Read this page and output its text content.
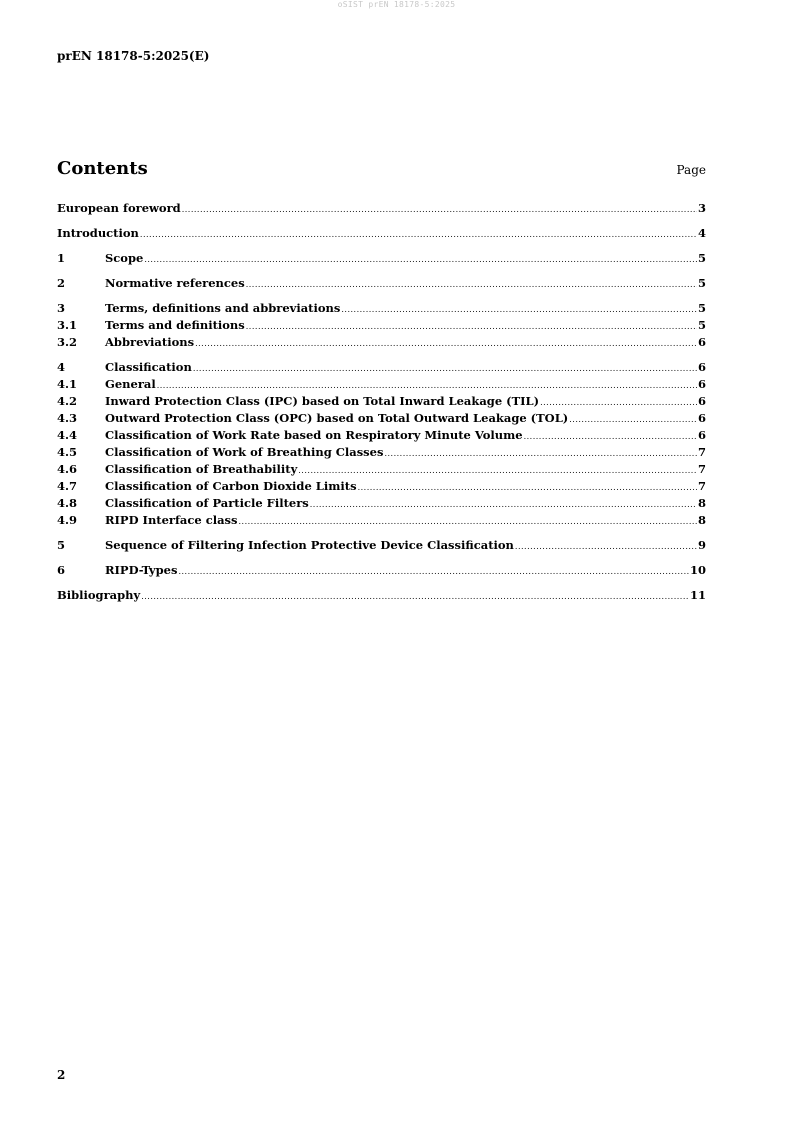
oSIST prEN 18178-5:2025
prEN 18178-5:2025(E)
Contents	Page
European foreword .....	3
Introduction .....	4
1	Scope .....	5
2	Normative references .....	5
3	Terms, definitions and abbreviations .....	5
3.1	Terms and definitions .....	5
3.2	Abbreviations .....	6
4	Classification .....	6
4.1	General .....	6
4.2	Inward Protection Class (IPC) based on Total Inward Leakage (TIL) .....	6
4.3	Outward Protection Class (OPC) based on Total Outward Leakage (TOL) .....	6
4.4	Classification of Work Rate based on Respiratory Minute Volume .....	6
4.5	Classification of Work of Breathing Classes .....	7
4.6	Classification of Breathability .....	7
4.7	Classification of Carbon Dioxide Limits .....	7
4.8	Classification of Particle Filters .....	8
4.9	RIPD Interface class .....	8
5	Sequence of Filtering Infection Protective Device Classification .....	9
6	RIPD-Types .....	10
Bibliography .....	11
2
